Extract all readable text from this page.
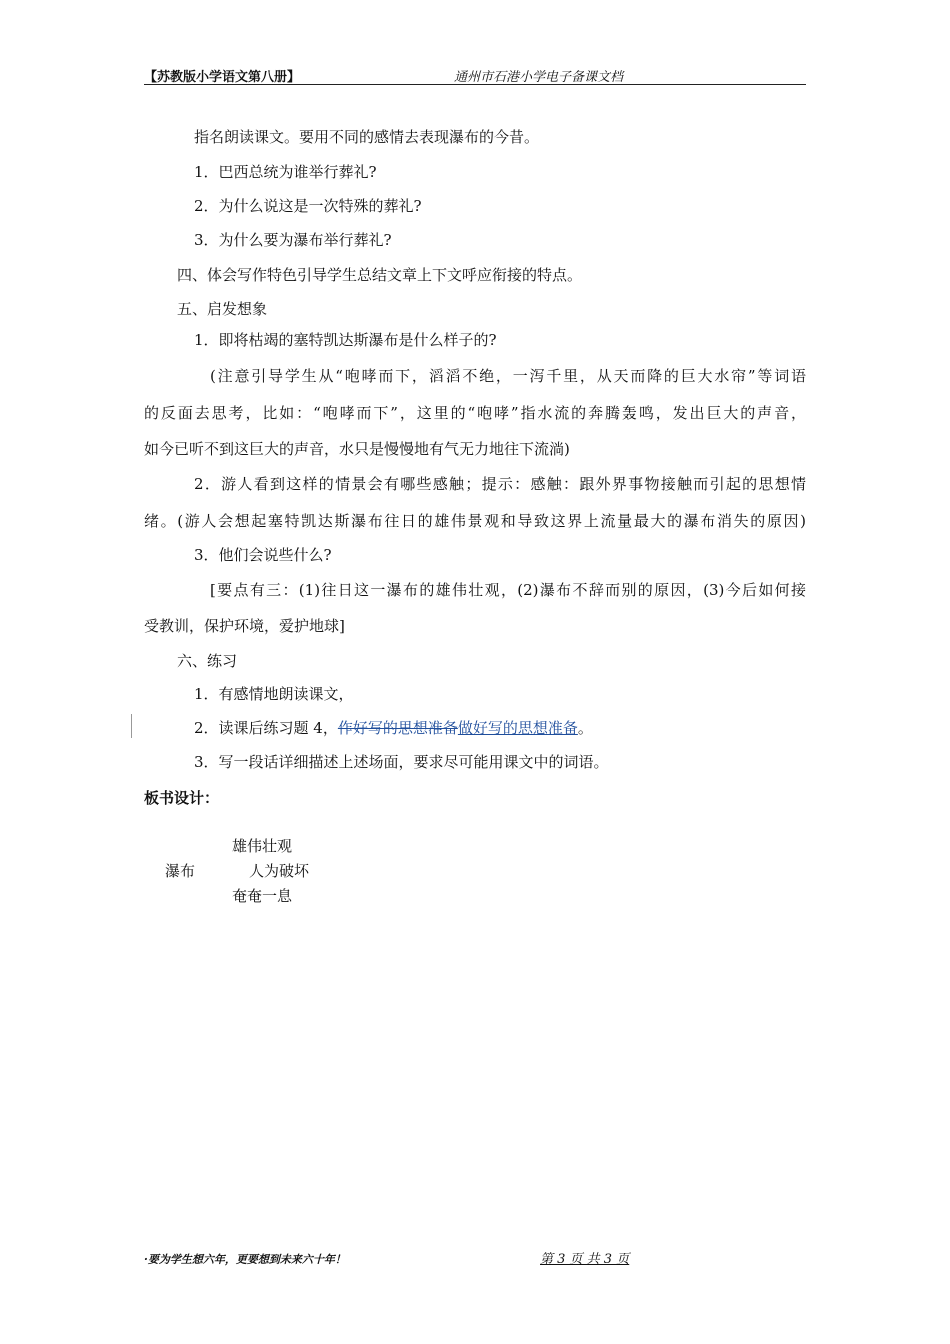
【苏教版小学语文第八册】	通州市石港小学电子备课文档
指名朗读课文。要用不同的感情去表现瀑布的今昔。
1．巴西总统为谁举行葬礼?
2．为什么说这是一次特殊的葬礼?
3．为什么要为瀑布举行葬礼?
四、体会写作特色引导学生总结文章上下文呼应衔接的特点。
五、启发想象
1．即将枯竭的塞特凯达斯瀑布是什么样子的?
(注意引导学生从“咆哮而下，滔滔不绝，一泻千里，从天而降的巨大水帘”等词语
的反面去思考，比如：“咆哮而下”，这里的“咆哮”指水流的奔腾轰鸣，发出巨大的声音，
如今已听不到这巨大的声音，水只是慢慢地有气无力地往下流淌)
2．游人看到这样的情景会有哪些感触；提示：感触：跟外界事物接触而引起的思想情
绪。(游人会想起塞特凯达斯瀑布往日的雄伟景观和导致这界上流量最大的瀑布消失的原因)
3．他们会说些什么?
[要点有三：(1)往日这一瀑布的雄伟壮观，(2)瀑布不辞而别的原因，(3)今后如何接
受教训，保护环境，爱护地球]
六、练习
1．有感情地朗读课文，
2．读课后练习题 4，作好写的思想准备做好写的思想准备。
3．写一段话详细描述上述场面，要求尽可能用课文中的词语。
板书设计：
雄伟壮观
瀑布	人为破坏
奄奄一息
·要为学生想六年，更要想到未来六十年！	第 3 页 共 3 页
